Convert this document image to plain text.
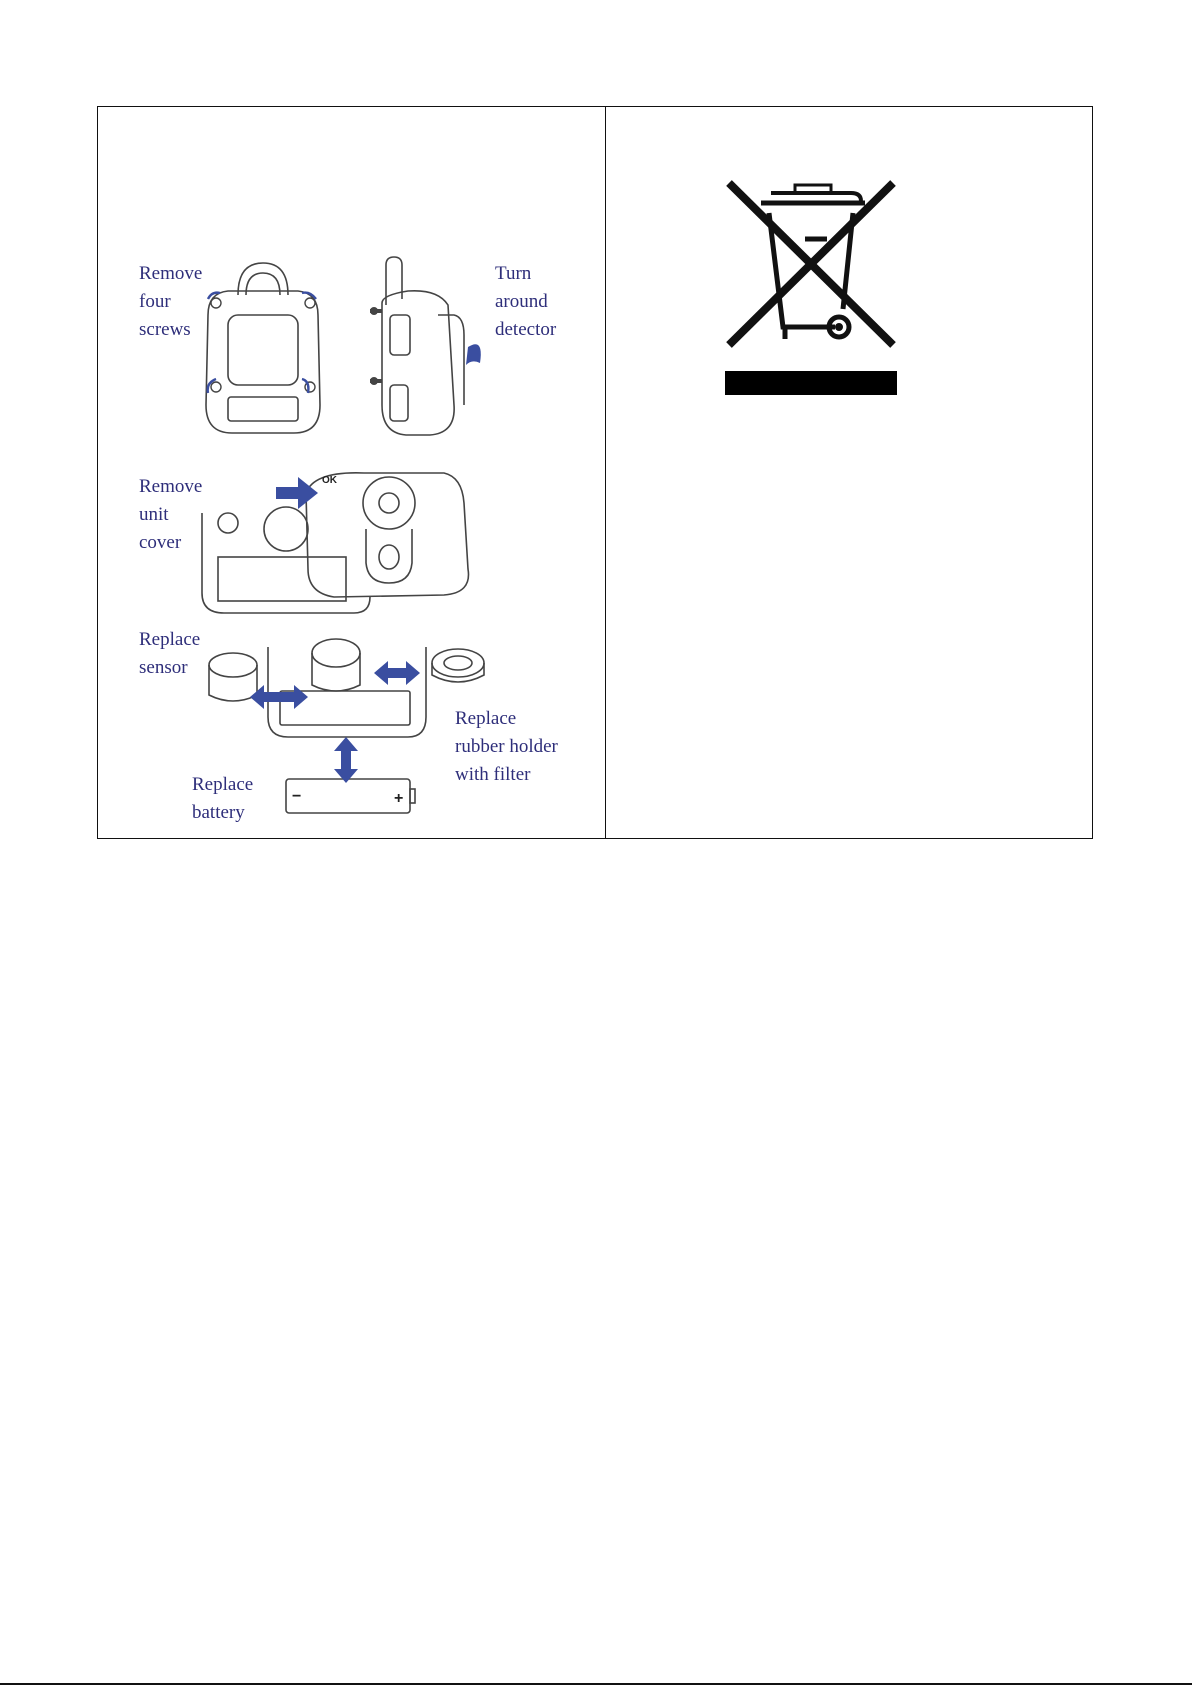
Remove
four
screws
Turn
around
detector
Remove
unit
cover
Replace
sensor
Replace
rubber holder
with filter
Replace
battery
OK
−	+
